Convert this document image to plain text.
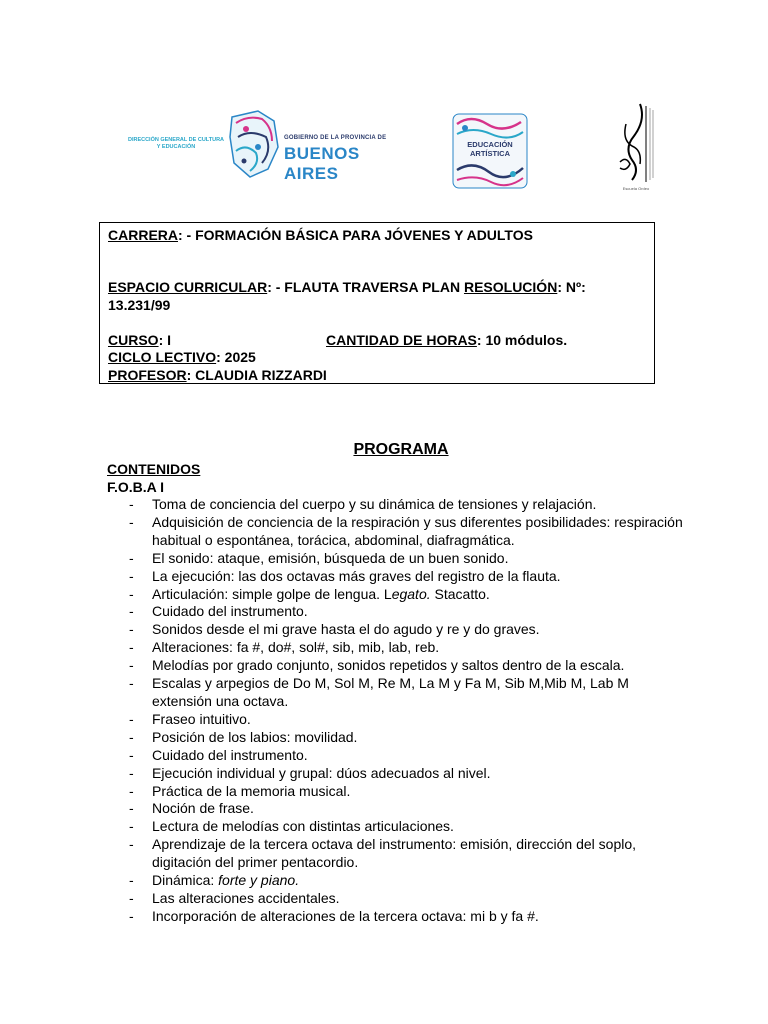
DIRECCIÓN GENERAL DE CULTURA Y EDUCACIÓN
GOBIERNO DE LA PROVINCIA DE
BUENOS AIRES
EDUCACIÓN ARTÍSTICA
Escuela Ordeo
CARRERA: - FORMACIÓN BÁSICA PARA JÓVENES Y ADULTOS
ESPACIO CURRICULAR: - FLAUTA TRAVERSA PLAN RESOLUCIÓN: Nº:
13.231/99
CURSO: I	CANTIDAD DE HORAS: 10 módulos.
CICLO LECTIVO: 2025
PROFESOR: CLAUDIA RIZZARDI
PROGRAMA
CONTENIDOS
F.O.B.A I
- Toma de conciencia del cuerpo y su dinámica de tensiones y relajación.
- Adquisición de conciencia de la respiración y sus diferentes posibilidades: respiración habitual o espontánea, torácica, abdominal, diafragmática.
- El sonido: ataque, emisión, búsqueda de un buen sonido.
- La ejecución: las dos octavas más graves del registro de la flauta.
- Articulación: simple golpe de lengua. Legato. Stacatto.
- Cuidado del instrumento.
- Sonidos desde el mi grave hasta el do agudo y re y do graves.
- Alteraciones: fa #, do#, sol#, sib, mib, lab, reb.
- Melodías por grado conjunto, sonidos repetidos y saltos dentro de la escala.
- Escalas y arpegios de Do M, Sol M, Re M, La M y Fa M, Sib M,Mib M, Lab M extensión una octava.
- Fraseo intuitivo.
- Posición de los labios: movilidad.
- Cuidado del instrumento.
- Ejecución individual y grupal: dúos adecuados al nivel.
- Práctica de la memoria musical.
- Noción de frase.
- Lectura de melodías con distintas articulaciones.
- Aprendizaje de la tercera octava del instrumento: emisión, dirección del soplo, digitación del primer pentacordio.
- Dinámica: forte y piano.
- Las alteraciones accidentales.
- Incorporación de alteraciones de la tercera octava: mi b y fa #.
